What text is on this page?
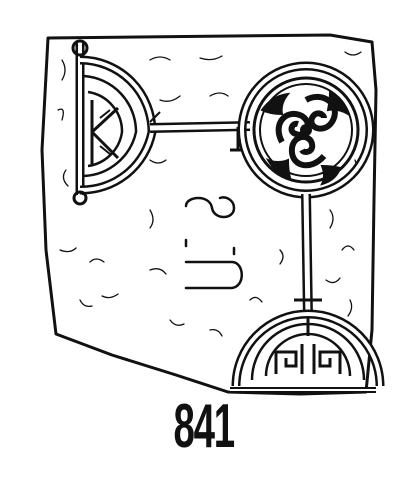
841
